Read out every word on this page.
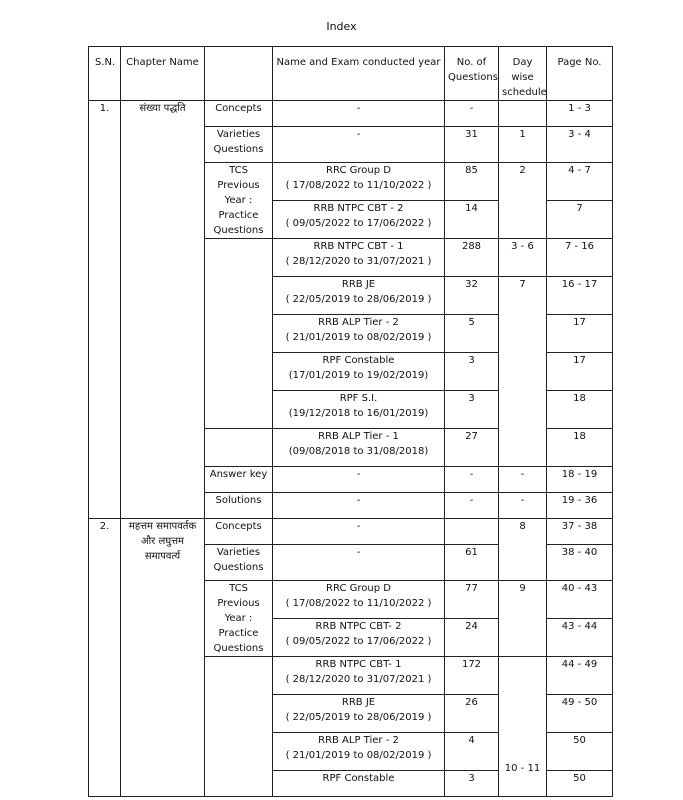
Index
S.N.	Chapter Name		Name and Exam conducted year	No. of Questions	Day wise schedule	Page No.
1.	संख्या पद्धति	Concepts	-	-		1 - 3
		Varieties Questions	-	31	1	3 - 4
		TCS Previous Year : Practice Questions	RRC Group D
( 17/08/2022 to 11/10/2022 )	85	2	4 - 7

			RRB NTPC CBT - 2
( 09/05/2022 to 17/06/2022 )	14		7

			RRB NTPC CBT - 1
( 28/12/2020 to 31/07/2021 )	288	3 - 6	7 - 16

			RRB JE
( 22/05/2019 to 28/06/2019 )	32	7	16 - 17

			RRB ALP Tier - 2
( 21/01/2019 to 08/02/2019 )	5		17

			RPF Constable
(17/01/2019 to 19/02/2019)	3		17

			RPF S.I.
(19/12/2018 to 16/01/2019)	3		18

			RRB ALP Tier - 1
(09/08/2018 to 31/08/2018)	27		18
		Answer key	-	-	-	18 - 19
		Solutions	-	-	-	19 - 36
2.	महत्तम समापवर्तक और लघुत्तम समापवर्त्य	Concepts	-		8	37 - 38
		Varieties Questions	-	61		38 - 40
		TCS Previous Year : Practice Questions	RRC Group D
( 17/08/2022 to 11/10/2022 )	77	9	40 - 43

			RRB NTPC CBT- 2
( 09/05/2022 to 17/06/2022 )	24		43 - 44

			RRB NTPC CBT- 1
( 28/12/2020 to 31/07/2021 )	172	10 - 11	44 - 49

			RRB JE
( 22/05/2019 to 28/06/2019 )	26		49 - 50

			RRB ALP Tier - 2
( 21/01/2019 to 08/02/2019 )	4		50
			RPF Constable	3		50
